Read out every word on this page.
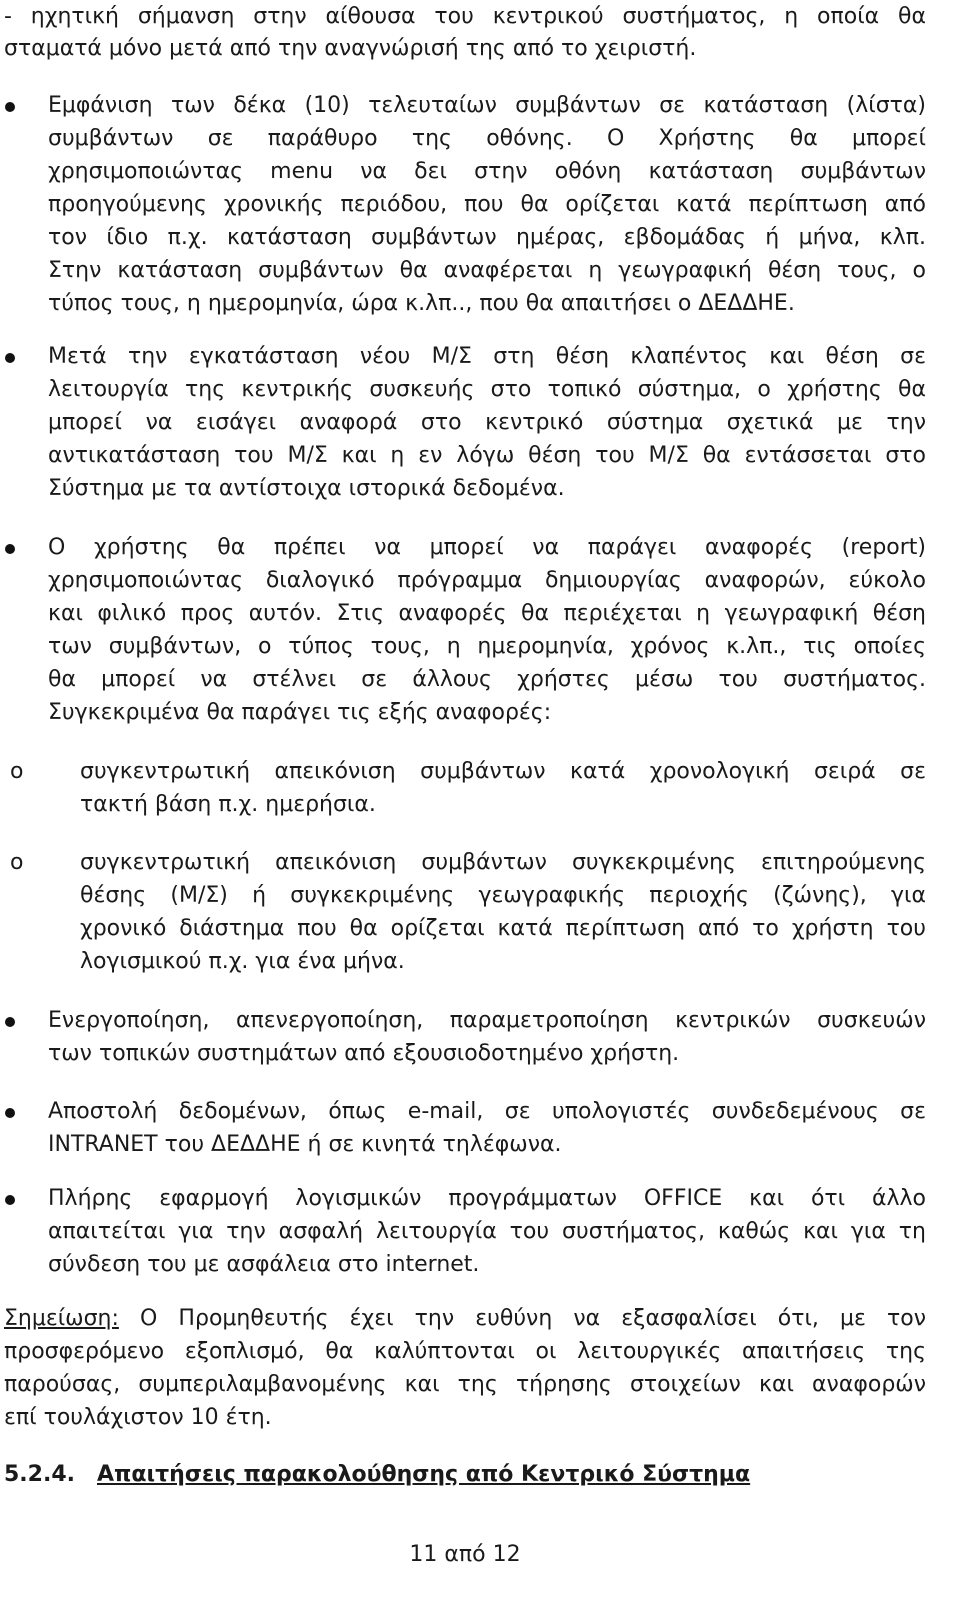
- ηχητική σήμανση στην αίθουσα του κεντρικού συστήματος, η οποία θα
σταματά μόνο μετά από την αναγνώρισή της από το χειριστή.
Εμφάνιση των δέκα (10) τελευταίων συμβάντων σε κατάσταση (λίστα)
συμβάντων σε παράθυρο της οθόνης. Ο Χρήστης θα μπορεί
χρησιμοποιώντας menu να δει στην οθόνη κατάσταση συμβάντων
προηγούμενης χρονικής περιόδου, που θα ορίζεται κατά περίπτωση από
τον ίδιο π.χ. κατάσταση συμβάντων ημέρας, εβδομάδας ή μήνα, κλπ.
Στην κατάσταση συμβάντων θα αναφέρεται η γεωγραφική θέση τους, ο
τύπος τους, η ημερομηνία, ώρα κ.λπ.., που θα απαιτήσει ο ΔΕΔΔΗΕ.
Μετά την εγκατάσταση νέου Μ/Σ στη θέση κλαπέντος και θέση σε
λειτουργία της κεντρικής συσκευής στο τοπικό σύστημα, ο χρήστης θα
μπορεί να εισάγει αναφορά στο κεντρικό σύστημα σχετικά με την
αντικατάσταση του Μ/Σ και η εν λόγω θέση του Μ/Σ θα εντάσσεται στο
Σύστημα με τα αντίστοιχα ιστορικά δεδομένα.
Ο χρήστης θα πρέπει να μπορεί να παράγει αναφορές (report)
χρησιμοποιώντας διαλογικό πρόγραμμα δημιουργίας αναφορών, εύκολο
και φιλικό προς αυτόν. Στις αναφορές θα περιέχεται η γεωγραφική θέση
των συμβάντων, ο τύπος τους, η ημερομηνία, χρόνος κ.λπ., τις οποίες
θα μπορεί να στέλνει σε άλλους χρήστες μέσω του συστήματος.
Συγκεκριμένα θα παράγει τις εξής αναφορές:
o	συγκεντρωτική απεικόνιση συμβάντων κατά χρονολογική σειρά σε
τακτή βάση π.χ. ημερήσια.
o	συγκεντρωτική απεικόνιση συμβάντων συγκεκριμένης επιτηρούμενης
θέσης (Μ/Σ) ή συγκεκριμένης γεωγραφικής περιοχής (ζώνης), για
χρονικό διάστημα που θα ορίζεται κατά περίπτωση από το χρήστη του
λογισμικού π.χ. για ένα μήνα.
Ενεργοποίηση, απενεργοποίηση, παραμετροποίηση κεντρικών συσκευών
των τοπικών συστημάτων από εξουσιοδοτημένο χρήστη.
Αποστολή δεδομένων, όπως e-mail, σε υπολογιστές συνδεδεμένους σε
INTRANET του ΔΕΔΔΗΕ ή σε κινητά τηλέφωνα.
Πλήρης εφαρμογή λογισμικών προγράμματων OFFICE και ότι άλλο
απαιτείται για την ασφαλή λειτουργία του συστήματος, καθώς και για τη
σύνδεση του με ασφάλεια στο internet.
Σημείωση: Ο Προμηθευτής έχει την ευθύνη να εξασφαλίσει ότι, με τον
προσφερόμενο εξοπλισμό, θα καλύπτονται οι λειτουργικές απαιτήσεις της
παρούσας, συμπεριλαμβανομένης και της τήρησης στοιχείων και αναφορών
επί τουλάχιστον 10 έτη.
5.2.4. Απαιτήσεις παρακολούθησης από Κεντρικό Σύστημα
11 από 12
